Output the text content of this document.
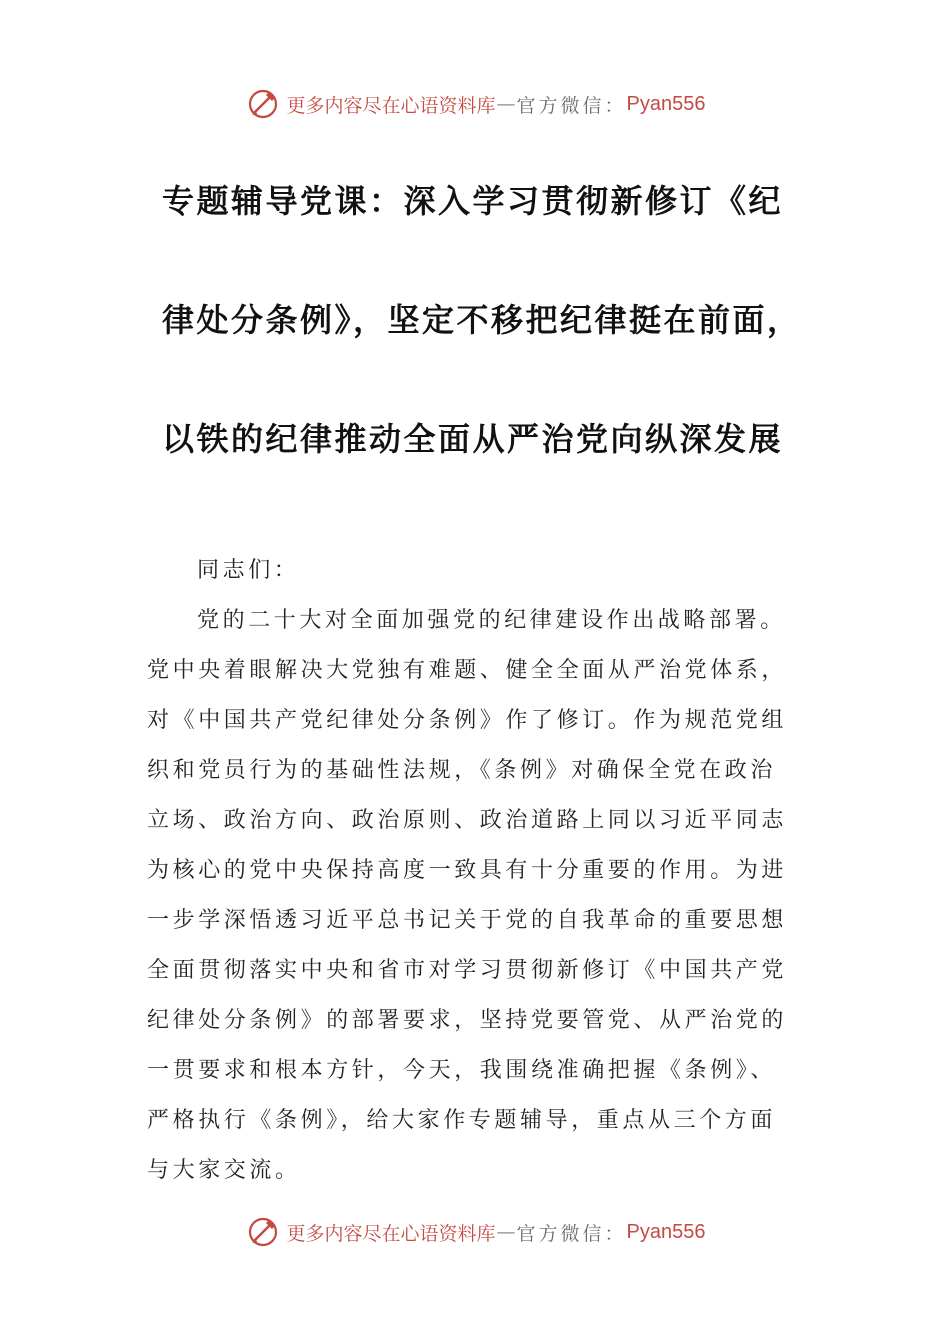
更多内容尽在心语资料库 — 官方微信： Pyan556
专题辅导党课：深入学习贯彻新修订《纪
律处分条例》，坚定不移把纪律挺在前面，
以铁的纪律推动全面从严治党向纵深发展
同志们：
党的二十大对全面加强党的纪律建设作出战略部署。
党中央着眼解决大党独有难题、健全全面从严治党体系，
对《中国共产党纪律处分条例》作了修订。作为规范党组
织和党员行为的基础性法规，《条例》对确保全党在政治
立场、政治方向、政治原则、政治道路上同以习近平同志
为核心的党中央保持高度一致具有十分重要的作用。为进
一步学深悟透习近平总书记关于党的自我革命的重要思想
全面贯彻落实中央和省市对学习贯彻新修订《中国共产党
纪律处分条例》的部署要求，坚持党要管党、从严治党的
一贯要求和根本方针，今天，我围绕准确把握《条例》、
严格执行《条例》，给大家作专题辅导，重点从三个方面
与大家交流。
更多内容尽在心语资料库 — 官方微信： Pyan556
